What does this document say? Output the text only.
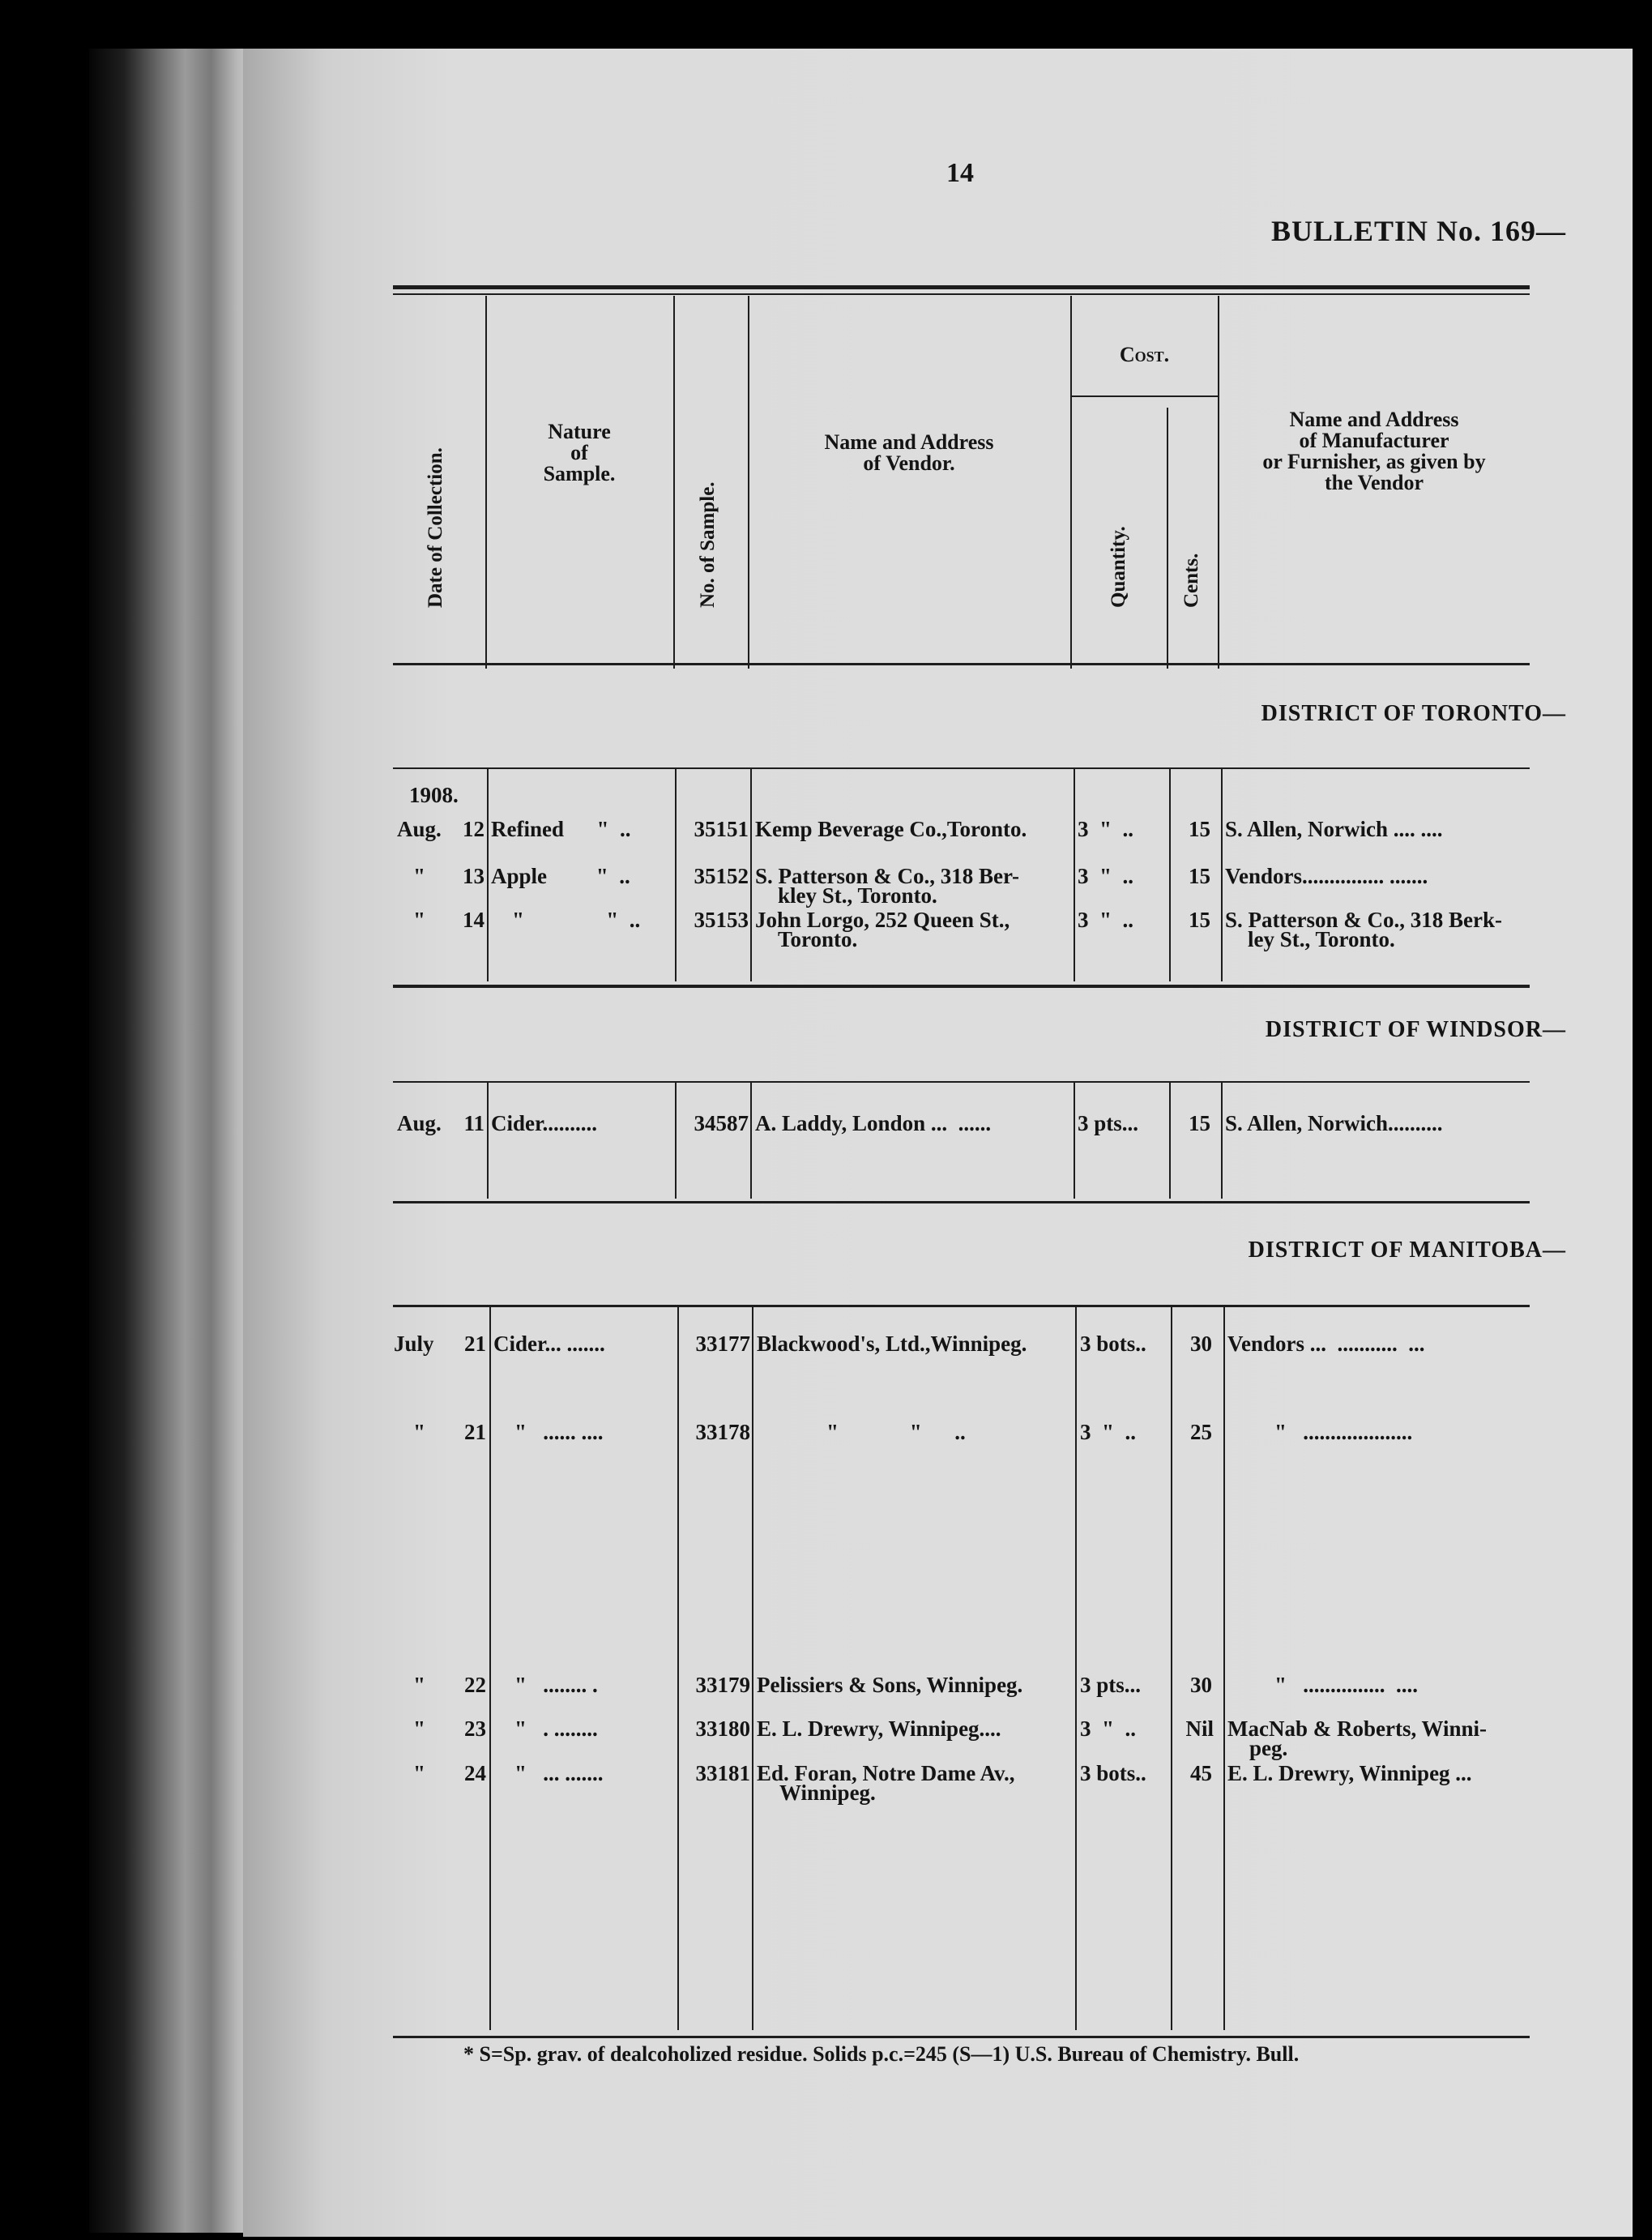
14
BULLETIN No. 169—
Date of Collection.
Nature
of
Sample.
No. of Sample.
Name and Address
of Vendor.
Cost.
Quantity.	Cents.
Name and Address
of Manufacturer
or Furnisher, as given by
the Vendor
DISTRICT OF TORONTO—
1908.
Aug. 12 Refined      "  ..	35151 Kemp Beverage Co.,Toronto. 3  "  ..	15 S. Allen, Norwich .... ....
"	13 Apple         "  ..	35152 S. Patterson & Co., 318 Ber-
kley St., Toronto.
3  "  ..	15 Vendors............... .......
"	14 "               "  ..	35153 John Lorgo, 252 Queen St.,
Toronto.
3  "  ..	15 S. Patterson & Co., 318 Berk-
ley St., Toronto.
DISTRICT OF WINDSOR—
Aug.	11 Cider..........	34587 A. Laddy, London ...  ......	3 pts...	15 S. Allen, Norwich..........
DISTRICT OF MANITOBA—
July	21 Cider... .......	33177 Blackwood's, Ltd.,Winnipeg. 3 bots..	30 Vendors ...  ...........  ...
"	21 "   ...... ....	33178	"             "      ..	3  "  ..	25	"   ....................
"	22 "   ........ .	33179 Pelissiers & Sons, Winnipeg.	3 pts...	30	"   ...............  ....
"	23 "   . ........	33180 E. L. Drewry, Winnipeg....	3  "  ..	Nil MacNab & Roberts, Winni-
peg.
"	24 "   ... .......	33181 Ed. Foran, Notre Dame Av.,
Winnipeg.
3 bots..	45 E. L. Drewry, Winnipeg ...
* S=Sp. grav. of dealcoholized residue. Solids p.c.=245 (S—1) U.S. Bureau of Chemistry. Bull.
